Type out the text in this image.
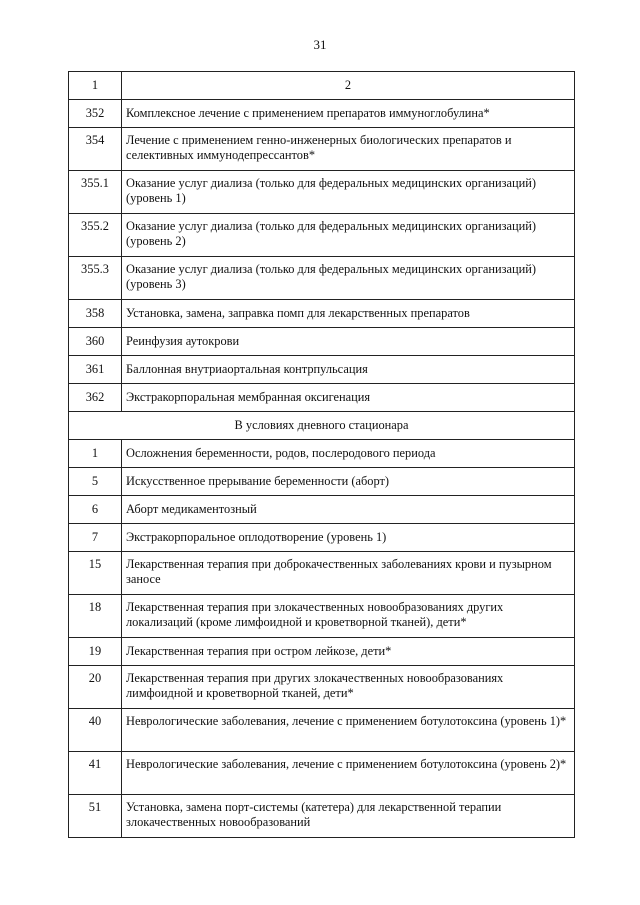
31
1	2
352	Комплексное лечение с применением препаратов иммуноглобулина*
354	Лечение с применением генно-инженерных биологических препаратов и селективных иммунодепрессантов*
355.1	Оказание услуг диализа (только для федеральных медицинских организаций) (уровень 1)
355.2	Оказание услуг диализа (только для федеральных медицинских организаций) (уровень 2)
355.3	Оказание услуг диализа (только для федеральных медицинских организаций) (уровень 3)
358	Установка, замена, заправка помп для лекарственных препаратов
360	Реинфузия аутокрови
361	Баллонная внутриаортальная контрпульсация
362	Экстракорпоральная мембранная оксигенация
В условиях дневного стационара	
1	Осложнения беременности, родов, послеродового периода
5	Искусственное прерывание беременности (аборт)
6	Аборт медикаментозный
7	Экстракорпоральное оплодотворение (уровень 1)
15	Лекарственная терапия при доброкачественных заболеваниях крови и пузырном заносе
18	Лекарственная терапия при злокачественных новообразованиях других локализаций (кроме лимфоидной и кроветворной тканей), дети*
19	Лекарственная терапия при остром лейкозе, дети*
20	Лекарственная терапия при других злокачественных новообразованиях лимфоидной и кроветворной тканей, дети*
40	Неврологические заболевания, лечение с применением ботулотоксина (уровень 1)*
41	Неврологические заболевания, лечение с применением ботулотоксина (уровень 2)*
51	Установка, замена порт-системы (катетера) для лекарственной терапии злокачественных новообразований
